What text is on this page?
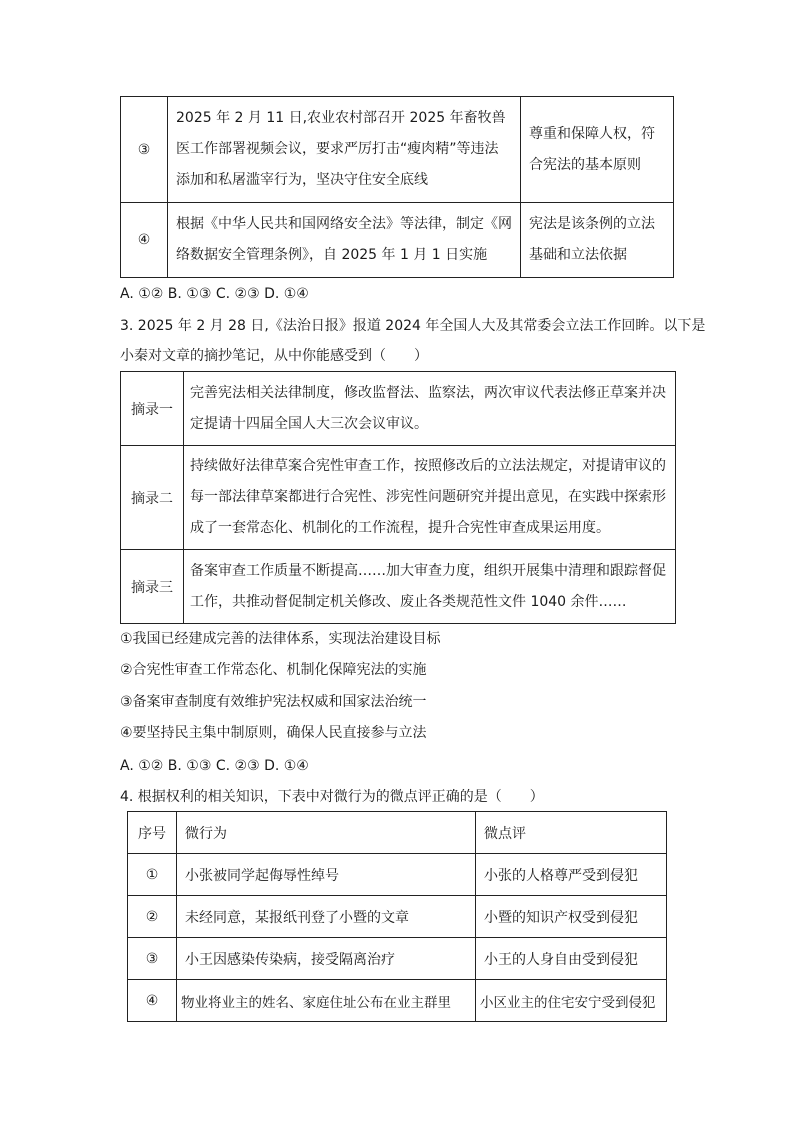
③	2025 年 2 月 11 日,农业农村部召开 2025 年畜牧兽医工作部署视频会议，要求严厉打击“瘦肉精”等违法添加和私屠滥宰行为，坚决守住安全底线	尊重和保障人权，符合宪法的基本原则

④	根据《中华人民共和国网络安全法》等法律，制定《网络数据安全管理条例》，自 2025 年 1 月 1 日实施	宪法是该条例的立法基础和立法依据
A. ①② B. ①③ C. ②③ D. ①④
3. 2025 年 2 月 28 日,《法治日报》报道 2024 年全国人大及其常委会立法工作回眸。以下是
小秦对文章的摘抄笔记，从中你能感受到（　　）
摘录一	完善宪法相关法律制度，修改监督法、监察法，两次审议代表法修正草案并决定提请十四届全国人大三次会议审议。

摘录二	持续做好法律草案合宪性审查工作，按照修改后的立法法规定，对提请审议的每一部法律草案都进行合宪性、涉宪性问题研究并提出意见，在实践中探索形成了一套常态化、机制化的工作流程，提升合宪性审查成果运用度。

摘录三	备案审查工作质量不断提高……加大审查力度，组织开展集中清理和跟踪督促工作，共推动督促制定机关修改、废止各类规范性文件 1040 余件……
①我国已经建成完善的法律体系，实现法治建设目标
②合宪性审查工作常态化、机制化保障宪法的实施
③备案审查制度有效维护宪法权威和国家法治统一
④要坚持民主集中制原则，确保人民直接参与立法
A. ①② B. ①③ C. ②③ D. ①④
4. 根据权利的相关知识，下表中对微行为的微点评正确的是（　　）
序号	微行为	微点评
①	小张被同学起侮辱性绰号	小张的人格尊严受到侵犯
②	未经同意，某报纸刊登了小暨的文章	小暨的知识产权受到侵犯
③	小王因感染传染病，接受隔离治疗	小王的人身自由受到侵犯
④	物业将业主的姓名、家庭住址公布在业主群里	小区业主的住宅安宁受到侵犯
